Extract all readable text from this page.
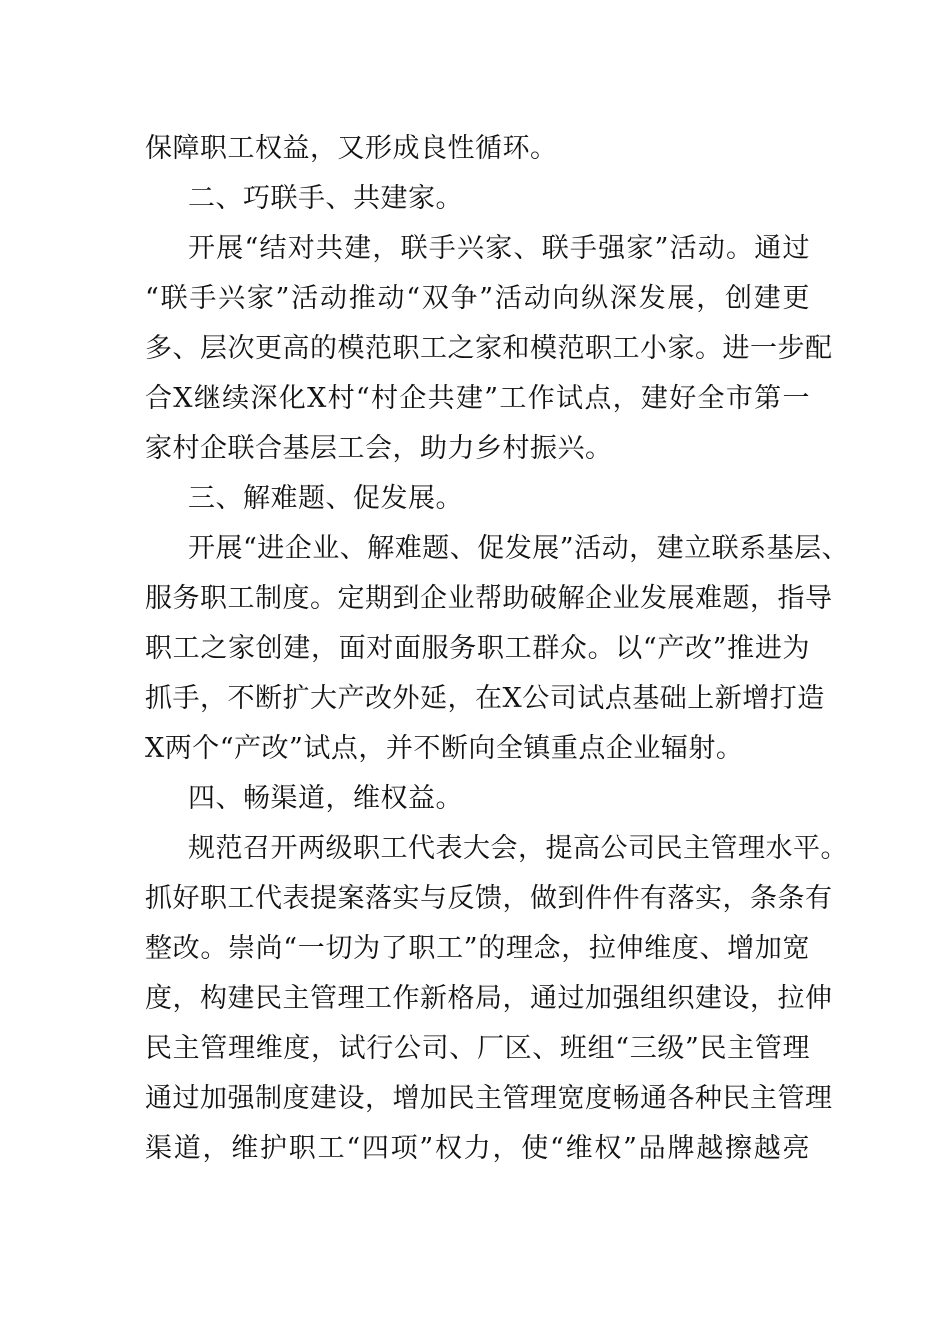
保障职工权益，又形成良性循环。
二、巧联手、共建家。
开展“结对共建，联手兴家、联手强家”活动。通过
“联手兴家”活动推动“双争”活动向纵深发展，创建更
多、层次更高的模范职工之家和模范职工小家。进一步配
合X继续深化X村“村企共建”工作试点，建好全市第一
家村企联合基层工会，助力乡村振兴。
三、解难题、促发展。
开展“进企业、解难题、促发展”活动，建立联系基层、
服务职工制度。定期到企业帮助破解企业发展难题，指导
职工之家创建，面对面服务职工群众。以“产改”推进为
抓手，不断扩大产改外延，在X公司试点基础上新增打造
X两个“产改”试点，并不断向全镇重点企业辐射。
四、畅渠道，维权益。
规范召开两级职工代表大会，提高公司民主管理水平。
抓好职工代表提案落实与反馈，做到件件有落实，条条有
整改。崇尚“一切为了职工”的理念，拉伸维度、增加宽
度，构建民主管理工作新格局，通过加强组织建设，拉伸
民主管理维度，试行公司、厂区、班组“三级”民主管理
通过加强制度建设，增加民主管理宽度畅通各种民主管理
渠道，维护职工“四项”权力，使“维权”品牌越擦越亮
